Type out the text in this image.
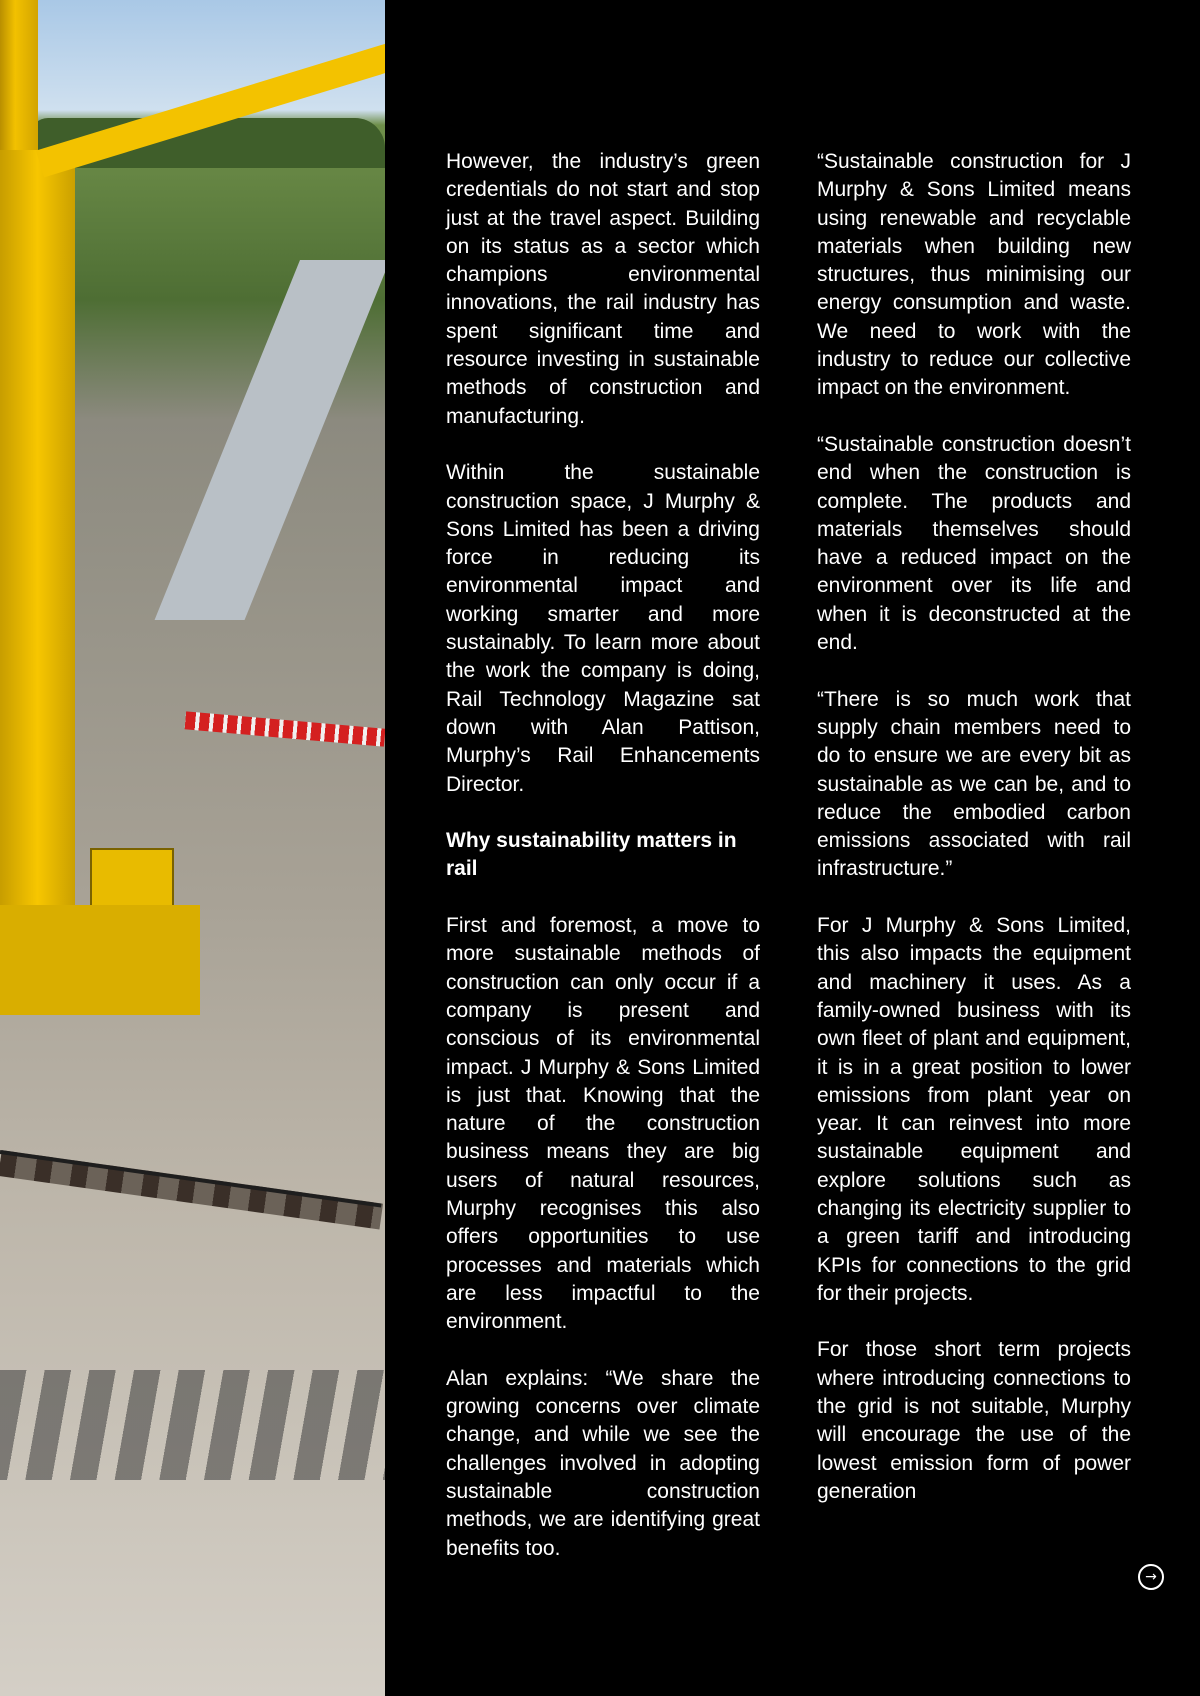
However, the industry’s green credentials do not start and stop just at the travel aspect. Building on its status as a sector which champions environmental innovations, the rail industry has spent significant time and resource investing in sustainable methods of construction and manufacturing.

Within the sustainable construction space, J Murphy & Sons Limited has been a driving force in reducing its environmental impact and working smarter and more sustainably. To learn more about the work the company is doing, Rail Technology Magazine sat down with Alan Pattison, Murphy’s Rail Enhancements Director.

Why sustainability matters in rail

First and foremost, a move to more sustainable methods of construction can only occur if a company is present and conscious of its environmental impact. J Murphy & Sons Limited is just that. Knowing that the nature of the construction business means they are big users of natural resources, Murphy recognises this also offers opportunities to use processes and materials which are less impactful to the environment.

Alan explains: “We share the growing concerns over climate change, and while we see the challenges involved in adopting sustainable construction methods, we are identifying great benefits too.

“Sustainable construction for J Murphy & Sons Limited means using renewable and recyclable materials when building new structures, thus minimising our energy consumption and waste. We need to work with the industry to reduce our collective impact on the environment.

“Sustainable construction doesn’t end when the construction is complete. The products and materials themselves should have a reduced impact on the environment over its life and when it is deconstructed at the end.

“There is so much work that supply chain members need to do to ensure we are every bit as sustainable as we can be, and to reduce the embodied carbon emissions associated with rail infrastructure.”

For J Murphy & Sons Limited, this also impacts the equipment and machinery it uses. As a family-owned business with its own fleet of plant and equipment, it is in a great position to lower emissions from plant year on year. It can reinvest into more sustainable equipment and explore solutions such as changing its electricity supplier to a green tariff and introducing KPIs for connections to the grid for their projects.

For those short term projects where introducing connections to the grid is not suitable, Murphy will encourage the use of the lowest emission form of power generation

→
